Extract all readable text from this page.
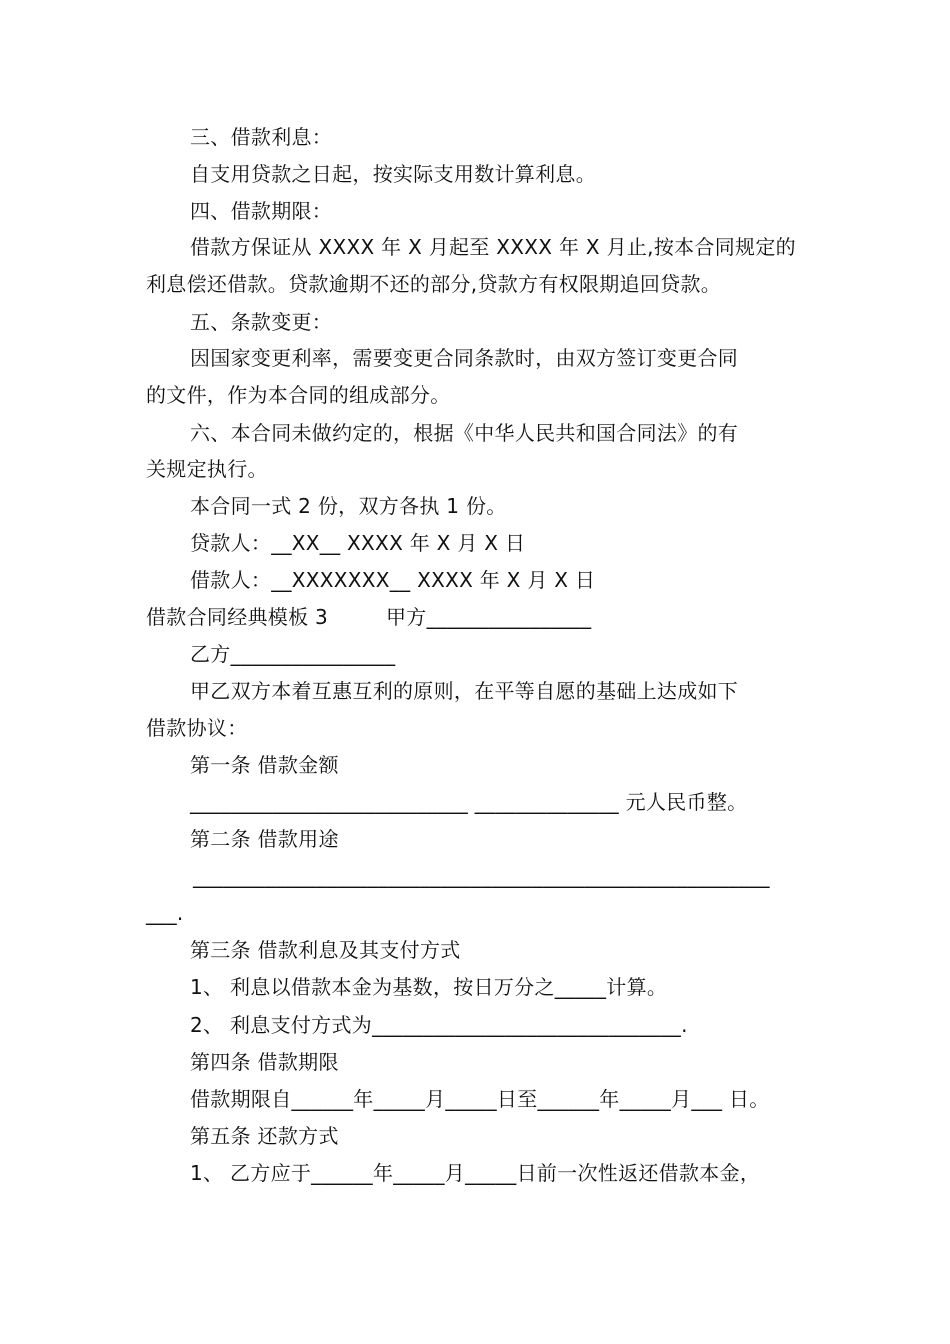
三、借款利息：
自支用贷款之日起，按实际支用数计算利息。
四、借款期限：
借款方保证从 XXXX 年 X 月起至 XXXX 年 X 月止,按本合同规定的
利息偿还借款。贷款逾期不还的部分,贷款方有权限期追回贷款。
五、条款变更：
因国家变更利率，需要变更合同条款时，由双方签订变更合同
的文件，作为本合同的组成部分。
六、本合同未做约定的，根据《中华人民共和国合同法》的有
关规定执行。
本合同一式 2 份，双方各执 1 份。
贷款人：__XX__ XXXX 年 X 月 X 日
借款人：__XXXXXXX__ XXXX 年 X 月 X 日
借款合同经典模板 3	甲方________________
乙方________________
甲乙双方本着互惠互利的原则，在平等自愿的基础上达成如下
借款协议：
第一条 借款金额
___________________________ ______________ 元人民币整。
第二条 借款用途
________________________________________________________
___.
第三条 借款利息及其支付方式
1、 利息以借款本金为基数，按日万分之_____计算。
2、 利息支付方式为______________________________.
第四条 借款期限
借款期限自______年_____月_____日至______年_____月___ 日。
第五条 还款方式
1、 乙方应于______年_____月_____日前一次性返还借款本金，
